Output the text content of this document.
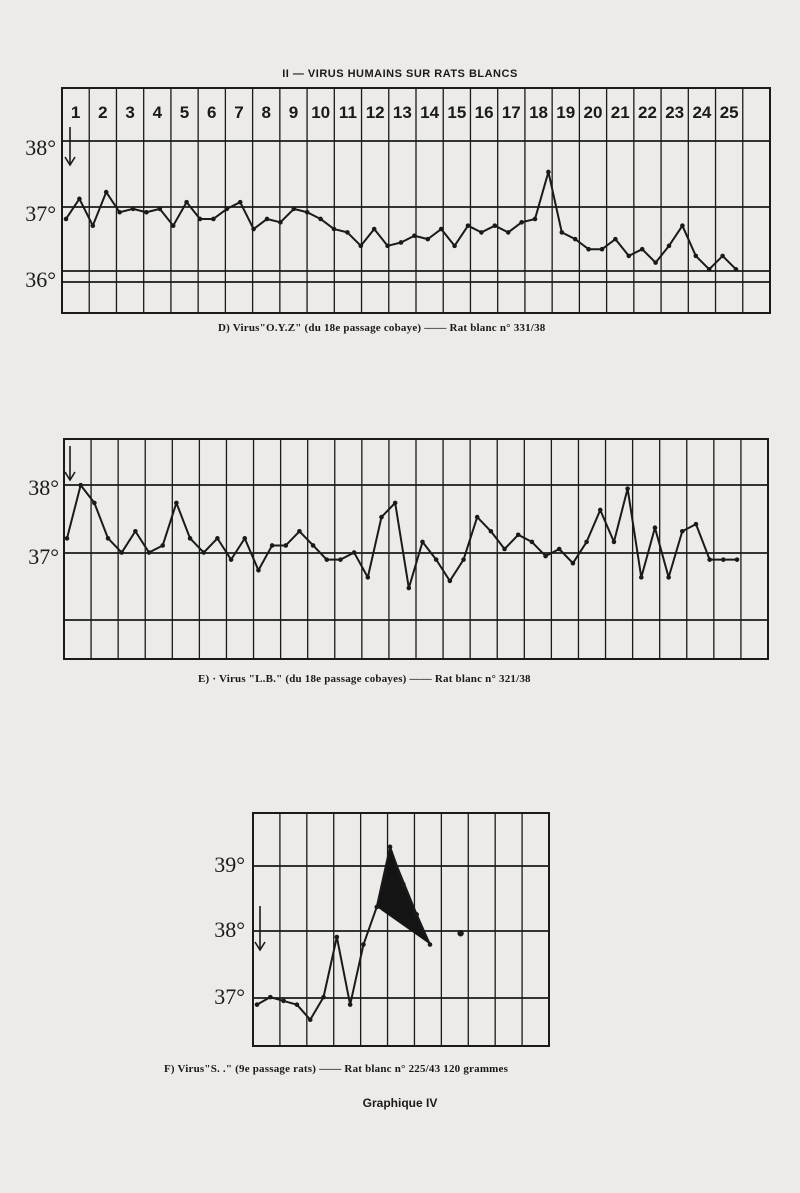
II — VIRUS HUMAINS SUR RATS BLANCS
1 2 3 4 5 6 7 8 9 10 11 12 13 14 15 16 17 18 19 20 21 22 23 24 25
38°
37°
36°
D) Virus"O.Y.Z" (du 18e passage cobaye) —— Rat blanc n° 331/38
38°
37°
E) · Virus "L.B." (du 18e passage cobayes) —— Rat blanc n° 321/38
39°
38°
37°
F) Virus"S. ." (9e passage rats) —— Rat blanc n° 225/43 120 grammes
Graphique IV
